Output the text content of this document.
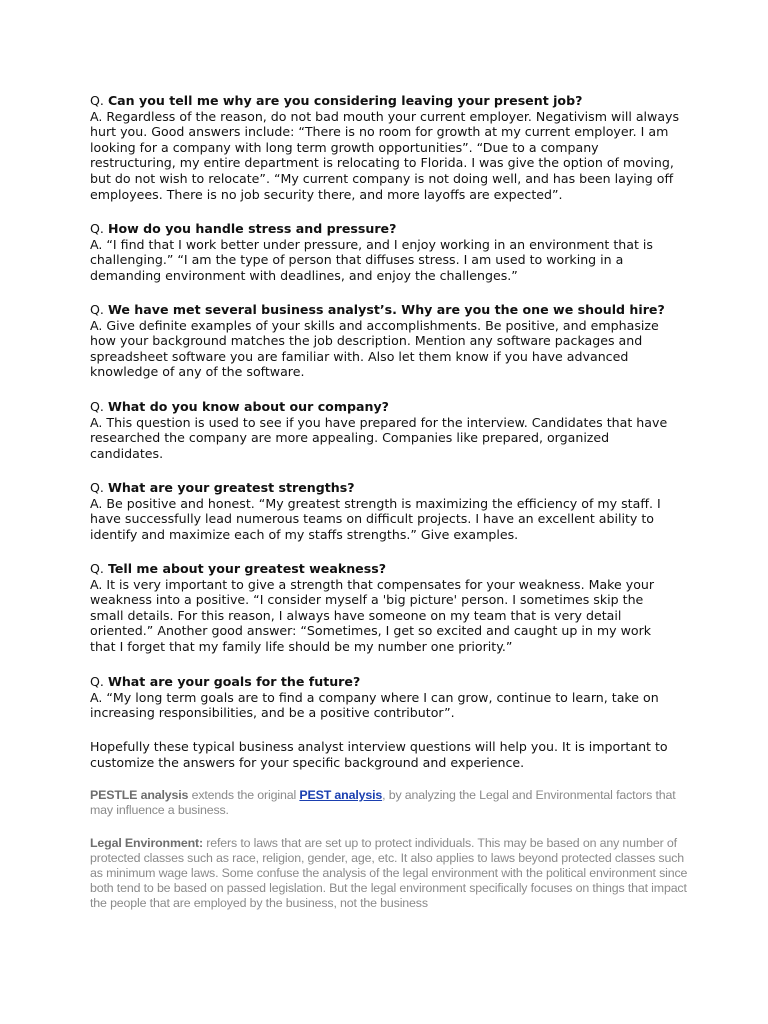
Q. Can you tell me why are you considering leaving your present job?

A. Regardless of the reason, do not bad mouth your current employer. Negativism will always hurt you. Good answers include: “There is no room for growth at my current employer. I am looking for a company with long term growth opportunities”. “Due to a company restructuring, my entire department is relocating to Florida. I was give the option of moving, but do not wish to relocate”. “My current company is not doing well, and has been laying off employees. There is no job security there, and more layoffs are expected”.

Q. How do you handle stress and pressure?

A. “I find that I work better under pressure, and I enjoy working in an environment that is challenging.” “I am the type of person that diffuses stress. I am used to working in a demanding environment with deadlines, and enjoy the challenges.”

Q. We have met several business analyst’s. Why are you the one we should hire?

A. Give definite examples of your skills and accomplishments. Be positive, and emphasize how your background matches the job description. Mention any software packages and spreadsheet software you are familiar with. Also let them know if you have advanced knowledge of any of the software.

Q. What do you know about our company?

A. This question is used to see if you have prepared for the interview. Candidates that have researched the company are more appealing. Companies like prepared, organized candidates.

Q. What are your greatest strengths?

A. Be positive and honest. “My greatest strength is maximizing the efficiency of my staff. I have successfully lead numerous teams on difficult projects. I have an excellent ability to identify and maximize each of my staffs strengths.” Give examples.

Q. Tell me about your greatest weakness?

A. It is very important to give a strength that compensates for your weakness. Make your weakness into a positive. “I consider myself a 'big picture' person. I sometimes skip the small details. For this reason, I always have someone on my team that is very detail oriented.” Another good answer: “Sometimes, I get so excited and caught up in my work that I forget that my family life should be my number one priority.”

Q. What are your goals for the future?

A. “My long term goals are to find a company where I can grow, continue to learn, take on increasing responsibilities, and be a positive contributor”.

Hopefully these typical business analyst interview questions will help you. It is important to customize the answers for your specific background and experience.

PESTLE analysis extends the original PEST analysis, by analyzing the Legal and Environmental factors that may influence a business.

Legal Environment: refers to laws that are set up to protect individuals. This may be based on any number of protected classes such as race, religion, gender, age, etc. It also applies to laws beyond protected classes such as minimum wage laws. Some confuse the analysis of the legal environment with the political environment since both tend to be based on passed legislation. But the legal environment specifically focuses on things that impact the people that are employed by the business, not the business
